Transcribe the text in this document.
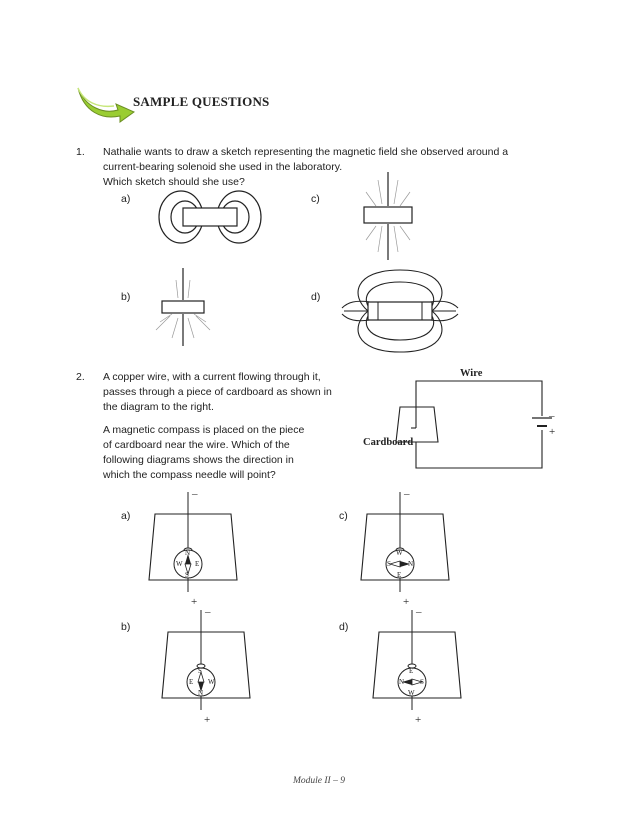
SAMPLE QUESTIONS
1. Nathalie wants to draw a sketch representing the magnetic field she observed around a
current-bearing solenoid she used in the laboratory.
Which sketch should she use?
a)
b)
c)
d)
2. A copper wire, with a current flowing through it,
passes through a piece of cardboard as shown in
the diagram to the right.
A magnetic compass is placed on the piece
of cardboard near the wire. Which of the
following diagrams shows the direction in
which the compass needle will point?
Wire
Cardboard
–
+
a)
b)
c)
d)
–
+
N
W E
S
–
+
S
E W
N
–
+
W
S N
E
–
+
E
N S
W
Module II – 9
